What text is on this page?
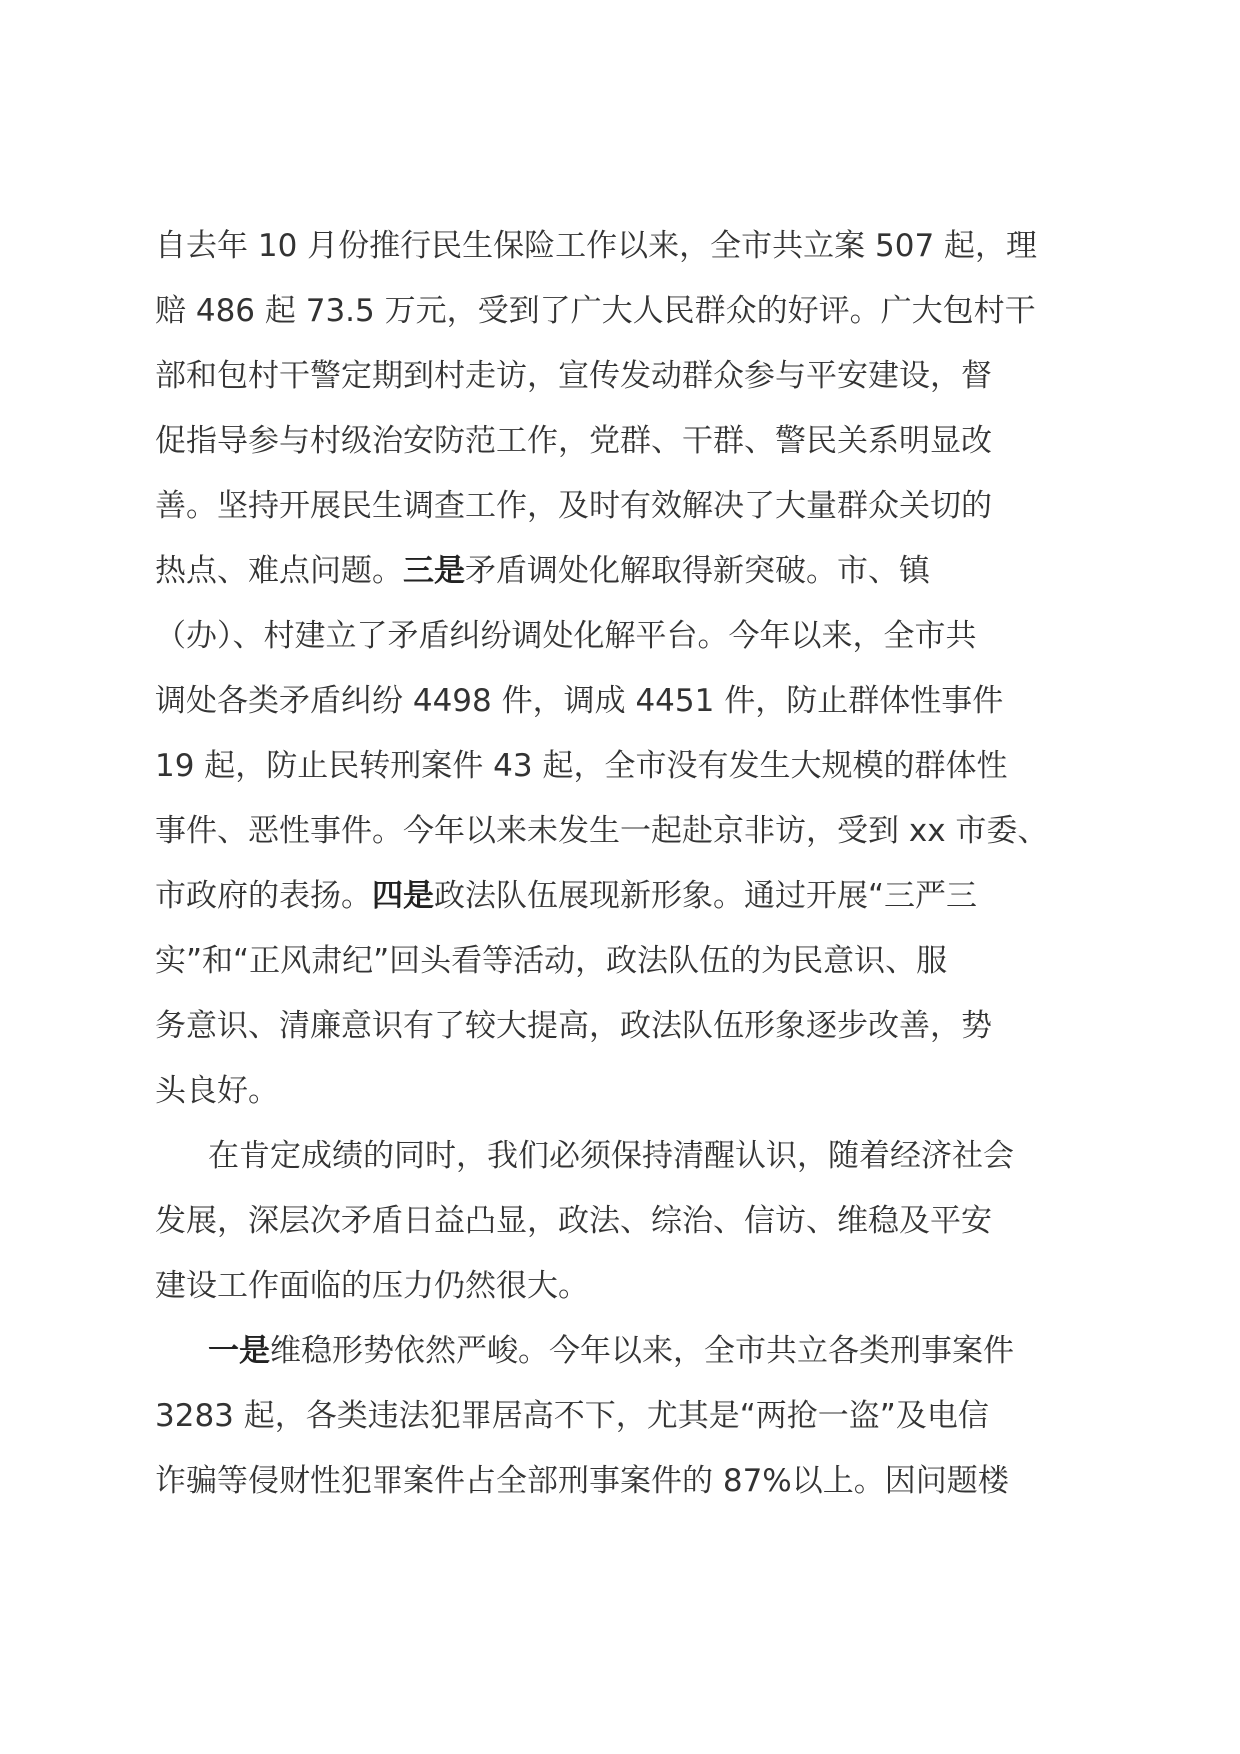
自去年 10 月份推行民生保险工作以来，全市共立案 507 起，理
赔 486 起 73.5 万元，受到了广大人民群众的好评。广大包村干
部和包村干警定期到村走访，宣传发动群众参与平安建设，督
促指导参与村级治安防范工作，党群、干群、警民关系明显改
善。坚持开展民生调查工作，及时有效解决了大量群众关切的
热点、难点问题。三是矛盾调处化解取得新突破。市、镇
（办）、村建立了矛盾纠纷调处化解平台。今年以来，全市共
调处各类矛盾纠纷 4498 件，调成 4451 件，防止群体性事件
19 起，防止民转刑案件 43 起，全市没有发生大规模的群体性
事件、恶性事件。今年以来未发生一起赴京非访，受到 xx 市委、
市政府的表扬。四是政法队伍展现新形象。通过开展“三严三
实”和“正风肃纪”回头看等活动，政法队伍的为民意识、服
务意识、清廉意识有了较大提高，政法队伍形象逐步改善，势
头良好。
在肯定成绩的同时，我们必须保持清醒认识，随着经济社会
发展，深层次矛盾日益凸显，政法、综治、信访、维稳及平安
建设工作面临的压力仍然很大。
一是维稳形势依然严峻。今年以来，全市共立各类刑事案件
3283 起，各类违法犯罪居高不下，尤其是“两抢一盗”及电信
诈骗等侵财性犯罪案件占全部刑事案件的 87%以上。因问题楼
